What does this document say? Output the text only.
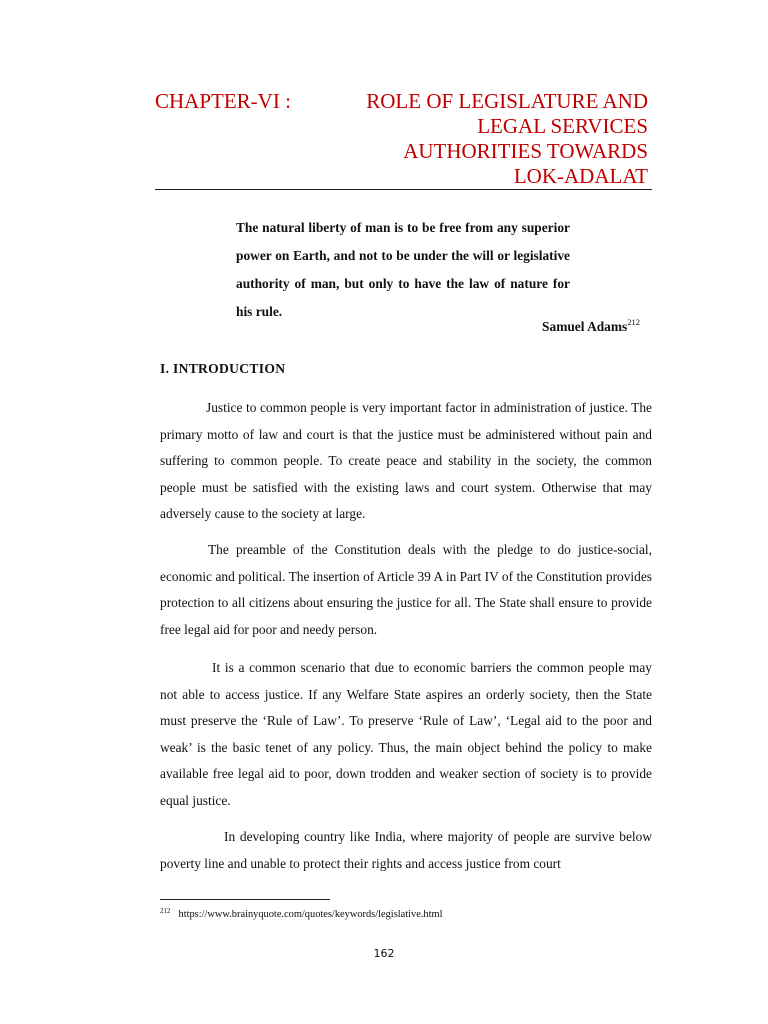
CHAPTER-VI :	ROLE OF LEGISLATURE AND
LEGAL SERVICES
AUTHORITIES TOWARDS
LOK-ADALAT
The natural liberty of man is to be free from any superior power on Earth, and not to be under the will or legislative authority of man, but only to have the law of nature for his rule.
Samuel Adams$^{212}$
I. INTRODUCTION

Justice to common people is very important factor in administration of justice. The primary motto of law and court is that the justice must be administered without pain and suffering to common people. To create peace and stability in the society, the common people must be satisfied with the existing laws and court system. Otherwise that may adversely cause to the society at large.

The preamble of the Constitution deals with the pledge to do justice-social, economic and political. The insertion of Article 39 A in Part IV of the Constitution provides protection to all citizens about ensuring the justice for all. The State shall ensure to provide free legal aid for poor and needy person.

It is a common scenario that due to economic barriers the common people may not able to access justice. If any Welfare State aspires an orderly society, then the State must preserve the ‘Rule of Law’. To preserve ‘Rule of Law’, ‘Legal aid to the poor and weak’ is the basic tenet of any policy. Thus, the main object behind the policy to make available free legal aid to poor, down trodden and weaker section of society is to provide equal justice.

In developing country like India, where majority of people are survive below poverty line and unable to protect their rights and access justice from court

$^{212}$ https://www.brainyquote.com/quotes/keywords/legislative.html
162
